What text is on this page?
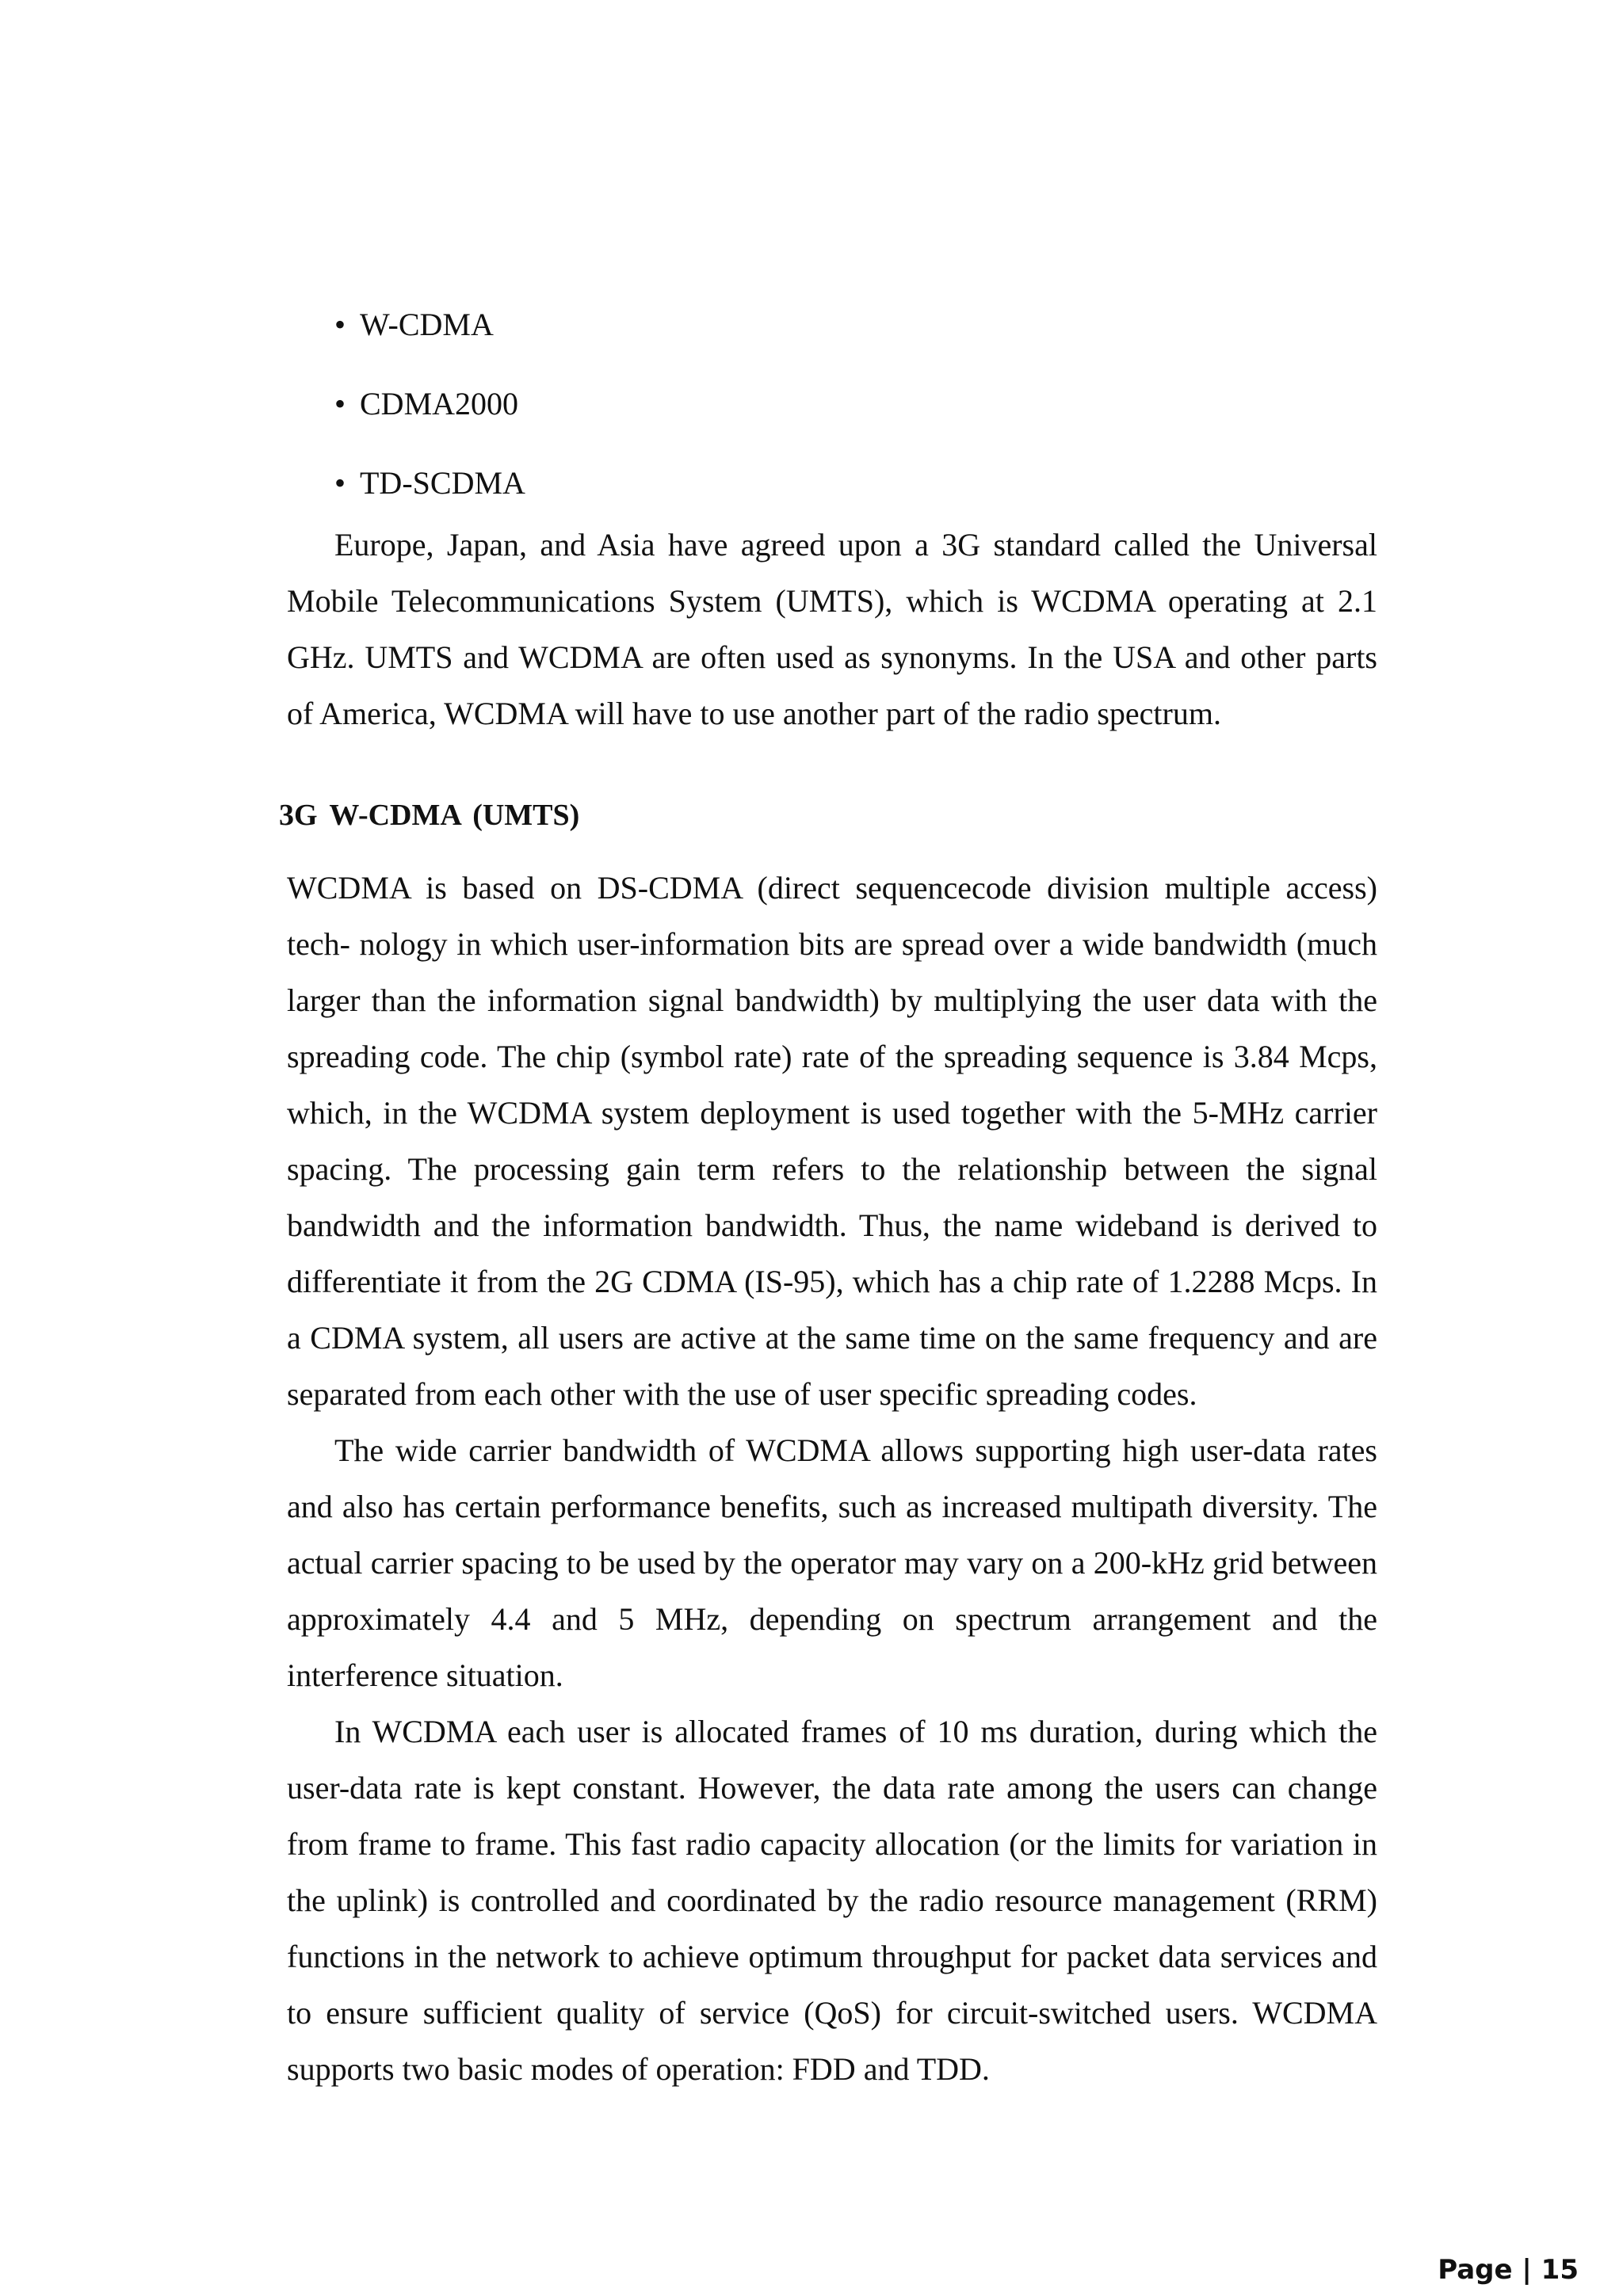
• W-CDMA
• CDMA2000
• TD-SCDMA

Europe, Japan, and Asia have agreed upon a 3G standard called the Universal Mobile Telecommunications System (UMTS), which is WCDMA operating at 2.1 GHz. UMTS and WCDMA are often used as synonyms. In the USA and other parts of America, WCDMA will have to use another part of the radio spectrum.

3G W-CDMA (UMTS)

WCDMA is based on DS-CDMA (direct sequencecode division multiple access) tech- nology in which user-information bits are spread over a wide bandwidth (much larger than the information signal bandwidth) by multiplying the user data with the spreading code. The chip (symbol rate) rate of the spreading sequence is 3.84 Mcps, which, in the WCDMA system deployment is used together with the 5-MHz carrier spacing. The processing gain term refers to the relationship between the signal bandwidth and the information bandwidth. Thus, the name wideband is derived to differentiate it from the 2G CDMA (IS-95), which has a chip rate of 1.2288 Mcps. In a CDMA system, all users are active at the same time on the same frequency and are separated from each other with the use of user specific spreading codes.

The wide carrier bandwidth of WCDMA allows supporting high user-data rates and also has certain performance benefits, such as increased multipath diversity. The actual carrier spacing to be used by the operator may vary on a 200-kHz grid between approximately 4.4 and 5 MHz, depending on spectrum arrangement and the interference situation.

In WCDMA each user is allocated frames of 10 ms duration, during which the user-data rate is kept constant. However, the data rate among the users can change from frame to frame. This fast radio capacity allocation (or the limits for variation in the uplink) is controlled and coordinated by the radio resource management (RRM) functions in the network to achieve optimum throughput for packet data services and to ensure sufficient quality of service (QoS) for circuit-switched users. WCDMA supports two basic modes of operation: FDD and TDD.

Page | 15
